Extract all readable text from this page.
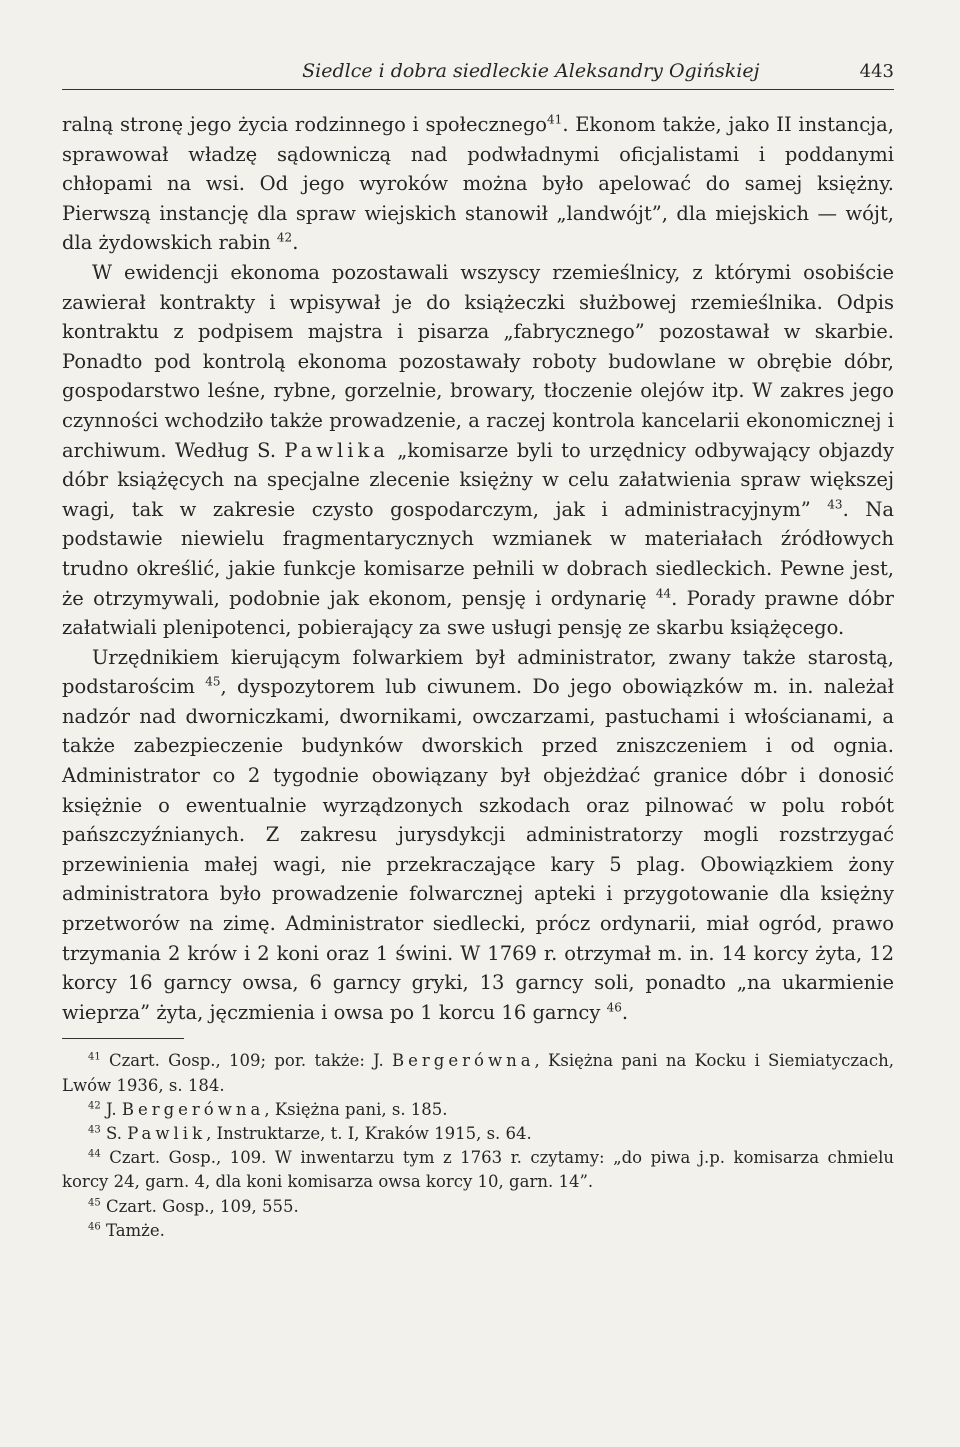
Siedlce i dobra siedleckie Aleksandry Ogińskiej	443

ralną stronę jego życia rodzinnego i społecznego$^{41}$. Ekonom także, jako II instancja, sprawował władzę sądowniczą nad podwładnymi oficjalistami i poddanymi chłopami na wsi. Od jego wyroków można było apelować do samej księżny. Pierwszą instancję dla spraw wiejskich stanowił „landwójt”, dla miejskich — wójt, dla żydowskich rabin $^{42}$.

W ewidencji ekonoma pozostawali wszyscy rzemieślnicy, z którymi osobiście zawierał kontrakty i wpisywał je do książeczki służbowej rzemieślnika. Odpis kontraktu z podpisem majstra i pisarza „fabrycznego” pozostawał w skarbie. Ponadto pod kontrolą ekonoma pozostawały roboty budowlane w obrębie dóbr, gospodarstwo leśne, rybne, gorzelnie, browary, tłoczenie olejów itp. W zakres jego czynności wchodziło także prowadzenie, a raczej kontrola kancelarii ekonomicznej i archiwum. Według S. Pawlika „komisarze byli to urzędnicy odbywający objazdy dóbr książęcych na specjalne zlecenie księżny w celu załatwienia spraw większej wagi, tak w zakresie czysto gospodarczym, jak i administracyjnym” $^{43}$. Na podstawie niewielu fragmentarycznych wzmianek w materiałach źródłowych trudno określić, jakie funkcje komisarze pełnili w dobrach siedleckich. Pewne jest, że otrzymywali, podobnie jak ekonom, pensję i ordynarię $^{44}$. Porady prawne dóbr załatwiali plenipotenci, pobierający za swe usługi pensję ze skarbu książęcego.

Urzędnikiem kierującym folwarkiem był administrator, zwany także starostą, podstarościm $^{45}$, dyspozytorem lub ciwunem. Do jego obowiązków m. in. należał nadzór nad dworniczkami, dwornikami, owczarzami, pastuchami i włościanami, a także zabezpieczenie budynków dworskich przed zniszczeniem i od ognia. Administrator co 2 tygodnie obowiązany był objeżdżać granice dóbr i donosić księżnie o ewentualnie wyrządzonych szkodach oraz pilnować w polu robót pańszczyźnianych. Z zakresu jurysdykcji administratorzy mogli rozstrzygać przewinienia małej wagi, nie przekraczające kary 5 plag. Obowiązkiem żony administratora było prowadzenie folwarcznej apteki i przygotowanie dla księżny przetworów na zimę. Administrator siedlecki, prócz ordynarii, miał ogród, prawo trzymania 2 krów i 2 koni oraz 1 świni. W 1769 r. otrzymał m. in. 14 korcy żyta, 12 korcy 16 garncy owsa, 6 garncy gryki, 13 garncy soli, ponadto „na ukarmienie wieprza” żyta, jęczmienia i owsa po 1 korcu 16 garncy $^{46}$.

$^{41}$ Czart. Gosp., 109; por. także: J. Bergerówna, Księżna pani na Kocku i Siemiatyczach, Lwów 1936, s. 184.

$^{42}$ J. Bergerówna, Księżna pani, s. 185.

$^{43}$ S. Pawlik, Instruktarze, t. I, Kraków 1915, s. 64.

$^{44}$ Czart. Gosp., 109. W inwentarzu tym z 1763 r. czytamy: „do piwa j.p. komisarza chmielu korcy 24, garn. 4, dla koni komisarza owsa korcy 10, garn. 14”.

$^{45}$ Czart. Gosp., 109, 555.

$^{46}$ Tamże.
